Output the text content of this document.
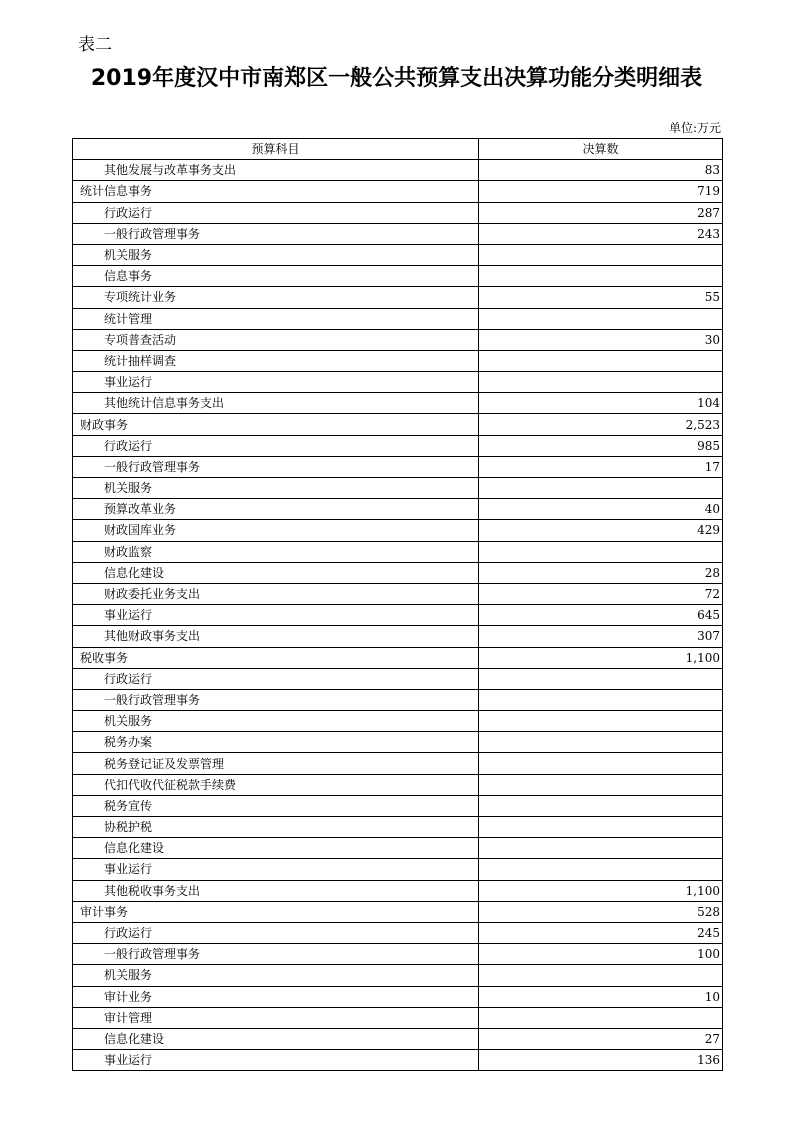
表二
2019年度汉中市南郑区一般公共预算支出决算功能分类明细表
单位:万元
预算科目	决算数
其他发展与改革事务支出	83
统计信息事务	719
行政运行	287
一般行政管理事务	243
机关服务	
信息事务	
专项统计业务	55
统计管理	
专项普查活动	30
统计抽样调查	
事业运行	
其他统计信息事务支出	104
财政事务	2,523
行政运行	985
一般行政管理事务	17
机关服务	
预算改革业务	40
财政国库业务	429
财政监察	
信息化建设	28
财政委托业务支出	72
事业运行	645
其他财政事务支出	307
税收事务	1,100
行政运行	
一般行政管理事务	
机关服务	
税务办案	
税务登记证及发票管理	
代扣代收代征税款手续费	
税务宣传	
协税护税	
信息化建设	
事业运行	
其他税收事务支出	1,100
审计事务	528
行政运行	245
一般行政管理事务	100
机关服务	
审计业务	10
审计管理	
信息化建设	27
事业运行	136
